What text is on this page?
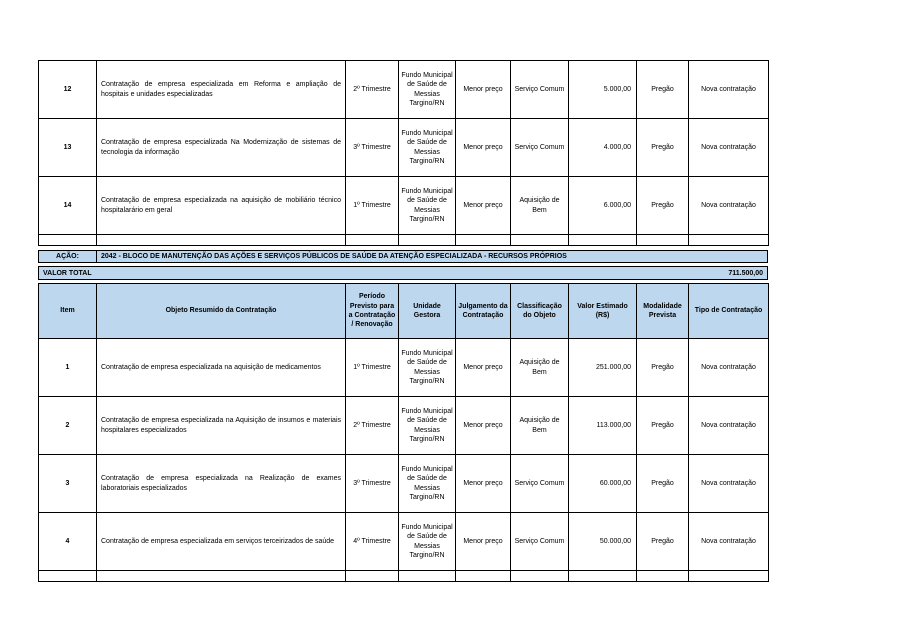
12	Contratação de empresa especializada em Reforma e ampliação de hospitais e unidades especializadas	2º Trimestre	Fundo Municipal de Saúde de Messias Targino/RN	Menor preço	Serviço Comum	5.000,00	Pregão	Nova contratação
13	Contratação de empresa especializada Na Modernização de sistemas de tecnologia da informação	3º Trimestre	Fundo Municipal de Saúde de Messias Targino/RN	Menor preço	Serviço Comum	4.000,00	Pregão	Nova contratação
14	Contratação de empresa especializada na aquisição de mobiliário técnico hospitalarário em geral	1º Trimestre	Fundo Municipal de Saúde de Messias Targino/RN	Menor preço	Aquisição de Bem	6.000,00	Pregão	Nova contratação

AÇÃO:	2042 - BLOCO DE MANUTENÇÃO DAS AÇÕES E SERVIÇOS PÚBLICOS DE SAÚDE DA ATENÇÃO ESPECIALIZADA - RECURSOS PRÓPRIOS
VALOR TOTAL	711.500,00
Item	Objeto Resumido da Contratação	Período Previsto para a Contratação / Renovação	Unidade Gestora	Julgamento da Contratação	Classificação do Objeto	Valor Estimado (R$)	Modalidade Prevista	Tipo de Contratação
1	Contratação de empresa especializada na aquisição de medicamentos	1º Trimestre	Fundo Municipal de Saúde de Messias Targino/RN	Menor preço	Aquisição de Bem	251.000,00	Pregão	Nova contratação
2	Contratação de empresa especializada na Aquisição de insumos e materiais hospitalares especializados	2º Trimestre	Fundo Municipal de Saúde de Messias Targino/RN	Menor preço	Aquisição de Bem	113.000,00	Pregão	Nova contratação
3	Contratação de empresa especializada na Realização de exames laboratoriais especializados	3º Trimestre	Fundo Municipal de Saúde de Messias Targino/RN	Menor preço	Serviço Comum	60.000,00	Pregão	Nova contratação
4	Contratação de empresa especializada em serviços terceirizados de saúde	4º Trimestre	Fundo Municipal de Saúde de Messias Targino/RN	Menor preço	Serviço Comum	50.000,00	Pregão	Nova contratação
